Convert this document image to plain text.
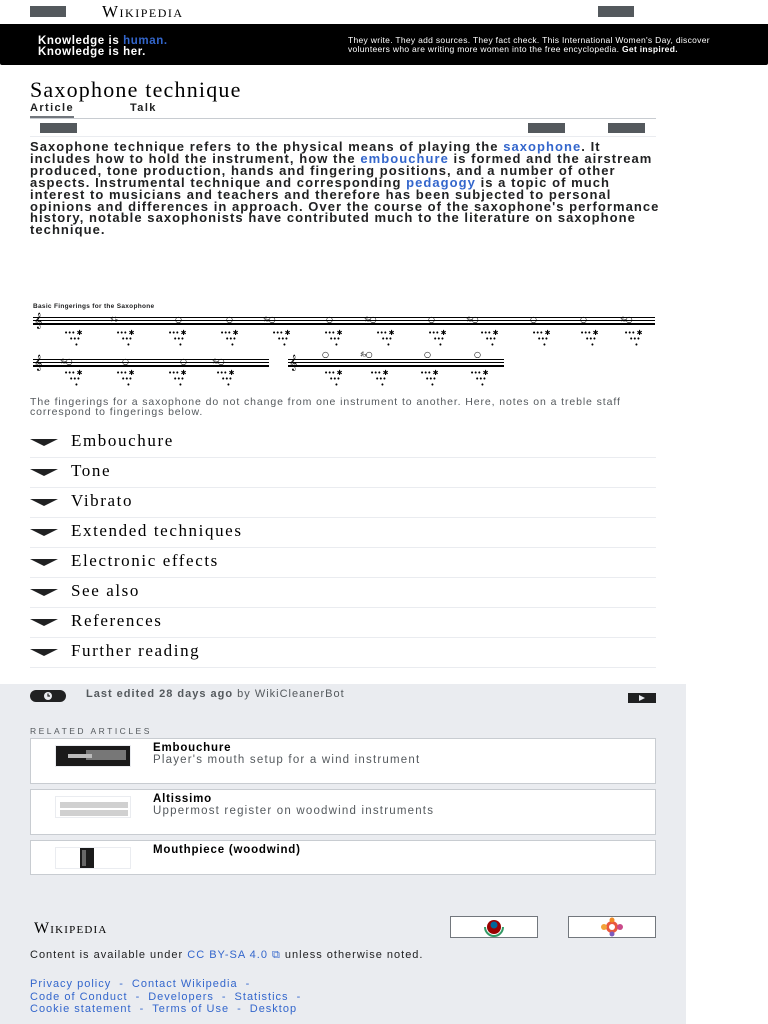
Wikipedia
Saxophone technique
Article	Talk

Saxophone technique refers to the physical means of playing the saxophone. It includes how to hold the instrument, how the embouchure is formed and the airstream produced, tone production, hands and fingering positions, and a number of other aspects. Instrumental technique and corresponding pedagogy is a topic of much interest to musicians and teachers and therefore has been subjected to personal opinions and differences in approach. Over the course of the saxophone's performance history, notable saxophonists have contributed much to the literature on saxophone technique.

Basic Fingerings for the Saxophone
𝄞	♯ ♭	○	○	♯♭○	○	♯♭○	○	♯♭○	○	○	♯♭○
••• ✱
•••
•
••• ✱
•••
•
••• ✱
•••
•
••• ✱
•••
•
••• ✱
•••
•
••• ✱
•••
•
••• ✱
•••
•
••• ✱
•••
•
••• ✱
•••
•
••• ✱
•••
•
••• ✱
•••
•
••• ✱
•••
•
𝄞 ♯♭○	○	○	♯♭○	𝄞
○	♯♭○	○	○
••• ✱
•••
•
••• ✱
•••
•
••• ✱
•••
•
••• ✱
•••
•
••• ✱
•••
•
••• ✱
•••
•
••• ✱
•••
•
••• ✱
•••
•

The fingerings for a saxophone do not change from one instrument to another. Here, notes on a treble staff correspond to fingerings below.

Embouchure
Tone
Vibrato
Extended techniques
Electronic effects
See also
References
Further reading
Last edited 28 days ago by WikiCleanerBot
RELATED ARTICLES
Embouchure
Player's mouth setup for a wind instrument
Altissimo
Uppermost register on woodwind instruments
Mouthpiece (woodwind)
Wikipedia

Content is available under CC BY-SA 4.0 ⧉ unless otherwise noted.

Privacy policy - Contact Wikipedia -
Code of Conduct - Developers - Statistics -
Cookie statement - Terms of Use - Desktop
Knowledge is human.
Knowledge is her.
They write. They add sources. They fact check. This International Women's Day, discover volunteers who are writing more women into the free encyclopedia. Get inspired.
